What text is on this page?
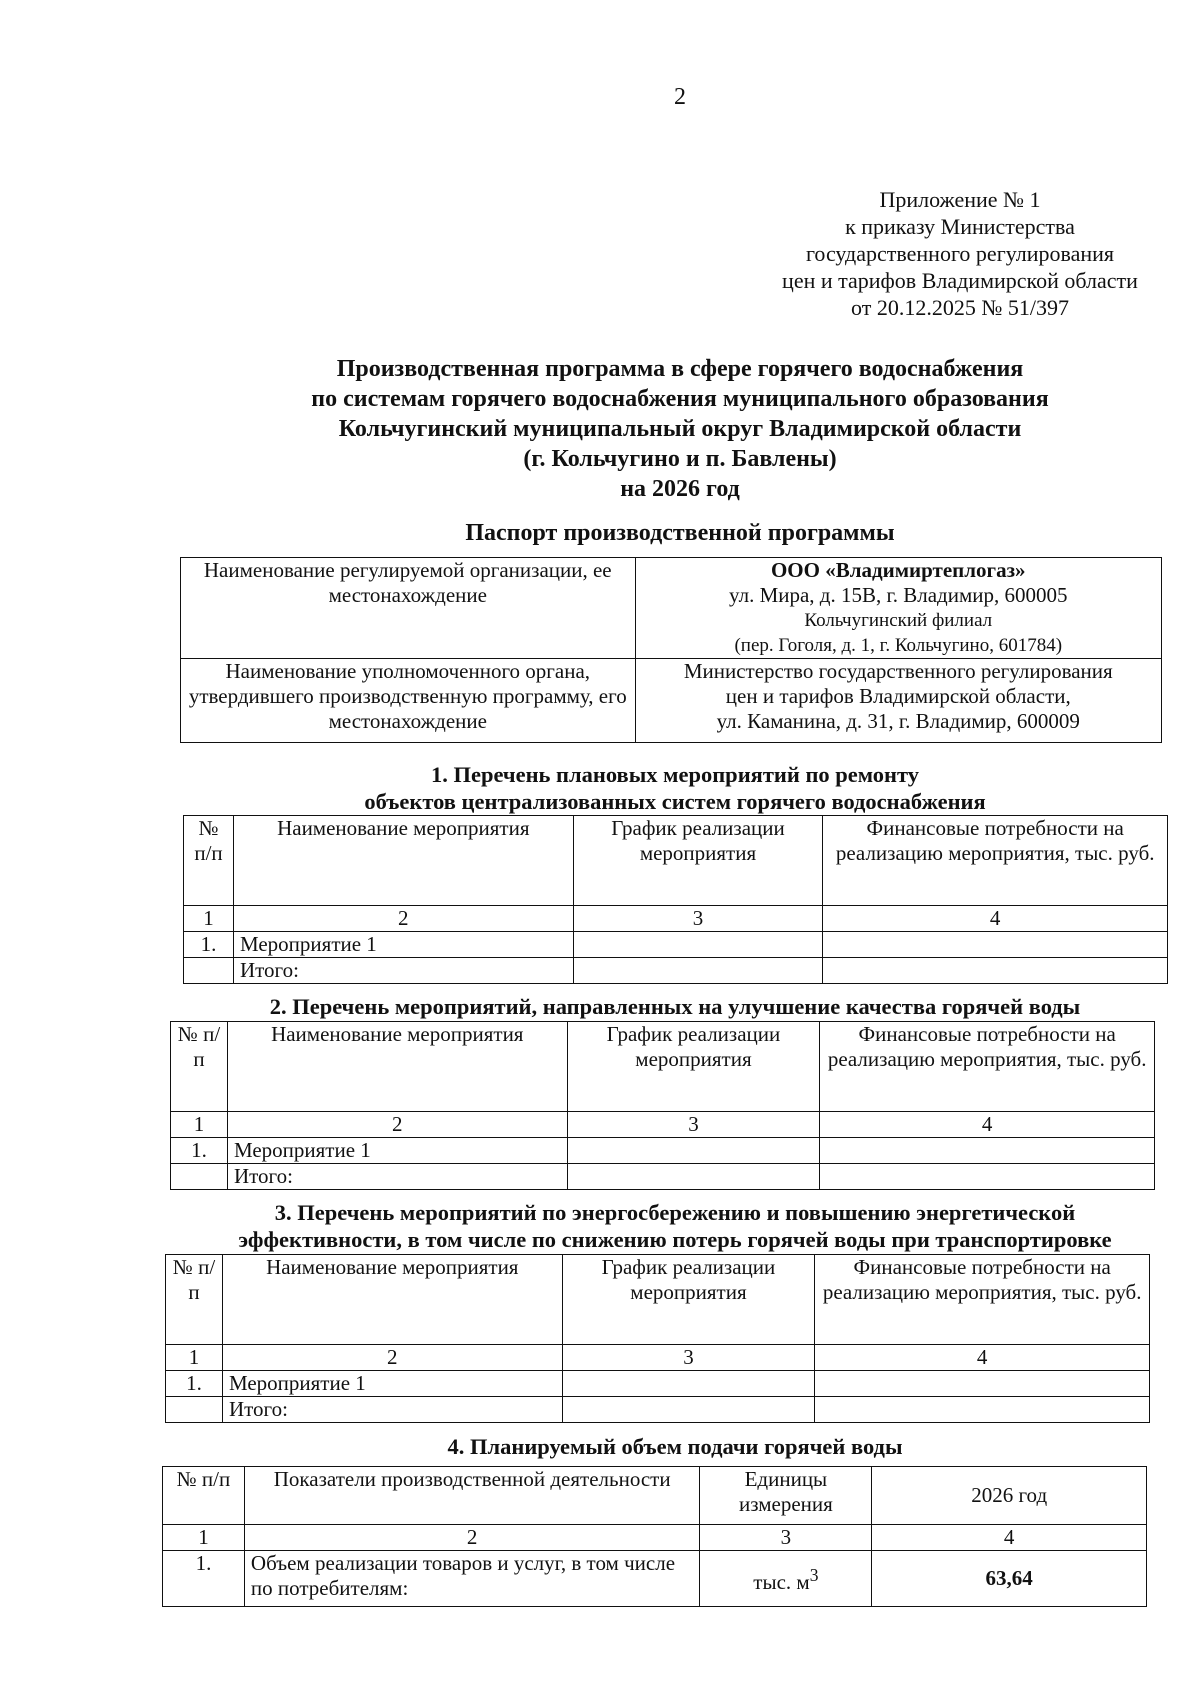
2
Приложение № 1
к приказу Министерства
государственного регулирования
цен и тарифов Владимирской области
от 20.12.2025 № 51/397
Производственная программа в сфере горячего водоснабжения
по системам горячего водоснабжения муниципального образования
Кольчугинский муниципальный округ Владимирской области
(г. Кольчугино и п. Бавлены)
на 2026 год
Паспорт производственной программы
Наименование регулируемой организации, ее местонахождение	ООО «Владимиртеплогаз»
ул. Мира, д. 15В, г. Владимир, 600005
Кольчугинский филиал
(пер. Гоголя, д. 1, г. Кольчугино, 601784)

Наименование уполномоченного органа, утвердившего производственную программу, его местонахождение	Министерство государственного регулирования
цен и тарифов Владимирской области,
ул. Каманина, д. 31, г. Владимир, 600009
1. Перечень плановых мероприятий по ремонту
объектов централизованных систем горячего водоснабжения
№ п/п	Наименование мероприятия	График реализации мероприятия	Финансовые потребности на реализацию мероприятия, тыс. руб.
1	2	3	4
1.	Мероприятие 1		
	Итого:		
2. Перечень мероприятий, направленных на улучшение качества горячей воды
№ п/п	Наименование мероприятия	График реализации мероприятия	Финансовые потребности на реализацию мероприятия, тыс. руб.
1	2	3	4
1.	Мероприятие 1		
	Итого:		
3. Перечень мероприятий по энергосбережению и повышению энергетической
эффективности, в том числе по снижению потерь горячей воды при транспортировке
№ п/п	Наименование мероприятия	График реализации мероприятия	Финансовые потребности на реализацию мероприятия, тыс. руб.
1	2	3	4
1.	Мероприятие 1		
	Итого:		
4. Планируемый объем подачи горячей воды
№ п/п	Показатели производственной деятельности	Единицы измерения	2026 год
1	2	3	4
1.	Объем реализации товаров и услуг, в том числе по потребителям:	тыс. $м^3$	63,64
